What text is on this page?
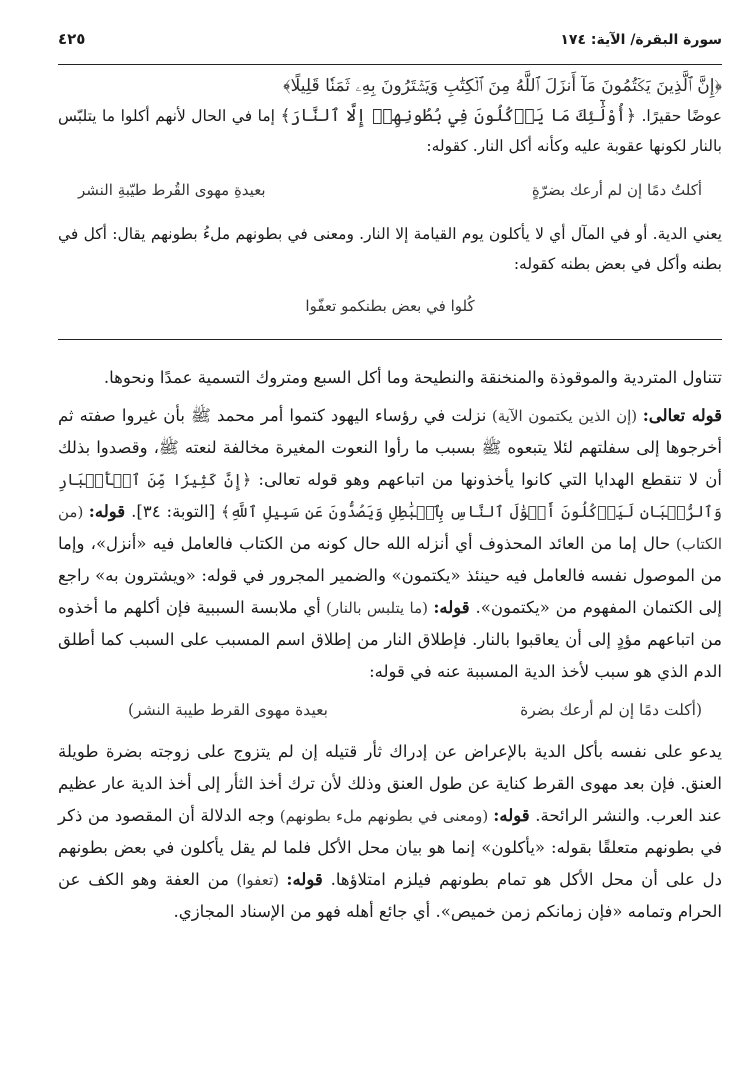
سورة البقرة/ الآية: ١٧٤
٤٢٥

﴿إِنَّ ٱلَّذِينَ يَكۡتُمُونَ مَآ أَنزَلَ ٱللَّهُ مِنَ ٱلۡكِتَٰبِ وَيَشۡتَرُونَ بِهِۦ ثَمَنٗا قَلِيلًا﴾

عوضًا حقيرًا. ﴿أُوْلَٰٓئِكَ مَا يَأۡكُلُونَ فِي بُطُونِهِمۡ إِلَّا ٱلنَّارَ﴾ إما في الحال لأنهم أكلوا ما يتلبّس بالنار لكونها عقوبة عليه وكأنه أكل النار. كقوله:

أكلتُ دمًا إن لم أرعك بضرّةٍ
بعيدةِ مهوى القُرط طيّبةِ النشر

يعني الدية. أو في المآل أي لا يأكلون يوم القيامة إلا النار. ومعنى في بطونهم ملءُ بطونهم يقال: أكل في بطنه وأكل في بعض بطنه كقوله:

كُلوا في بعض بطنكمو تعفّوا

تتناول المتردية والموقوذة والمنخنقة والنطيحة وما أكل السبع ومتروك التسمية عمدًا ونحوها.

قوله تعالى: (إن الذين يكتمون الآية) نزلت في رؤساء اليهود كتموا أمر محمد ﷺ بأن غيروا صفته ثم أخرجوها إلى سفلتهم لئلا يتبعوه ﷺ بسبب ما رأوا النعوت المغيرة مخالفة لنعته ﷺ، وقصدوا بذلك أن لا تنقطع الهدايا التي كانوا يأخذونها من اتباعهم وهو قوله تعالى: ﴿إِنَّ كَثِيرٗا مِّنَ ٱلۡأَحۡبَارِ وَٱلرُّهۡبَانِ لَيَأۡكُلُونَ أَمۡوَٰلَ ٱلنَّاسِ بِٱلۡبَٰطِلِ وَيَصُدُّونَ عَن سَبِيلِ ٱللَّهِ﴾ [التوبة: ٣٤]. قوله: (من الكتاب) حال إما من العائد المحذوف أي أنزله الله حال كونه من الكتاب فالعامل فيه «أنزل»، وإما من الموصول نفسه فالعامل فيه حينئذ «يكتمون» والضمير المجرور في قوله: «ويشترون به» راجع إلى الكتمان المفهوم من «يكتمون». قوله: (ما يتلبس بالنار) أي ملابسة السببية فإن أكلهم ما أخذوه من اتباعهم مؤدٍ إلى أن يعاقبوا بالنار. فإطلاق النار من إطلاق اسم المسبب على السبب كما أطلق الدم الذي هو سبب لأخذ الدية المسببة عنه في قوله:

(أكلت دمًا إن لم أرعك بضرة
بعيدة مهوى القرط طيبة النشر)

يدعو على نفسه بأكل الدية بالإعراض عن إدراك ثأر قتيله إن لم يتزوج على زوجته بضرة طويلة العنق. فإن بعد مهوى القرط كناية عن طول العنق وذلك لأن ترك أخذ الثأر إلى أخذ الدية عار عظيم عند العرب. والنشر الرائحة. قوله: (ومعنى في بطونهم ملء بطونهم) وجه الدلالة أن المقصود من ذكر في بطونهم متعلقًا بقوله: «يأكلون» إنما هو بيان محل الأكل فلما لم يقل يأكلون في بعض بطونهم دل على أن محل الأكل هو تمام بطونهم فيلزم امتلاؤها. قوله: (تعفوا) من العفة وهو الكف عن الحرام وتمامه «فإن زمانكم زمن خميص». أي جائع أهله فهو من الإسناد المجازي.
